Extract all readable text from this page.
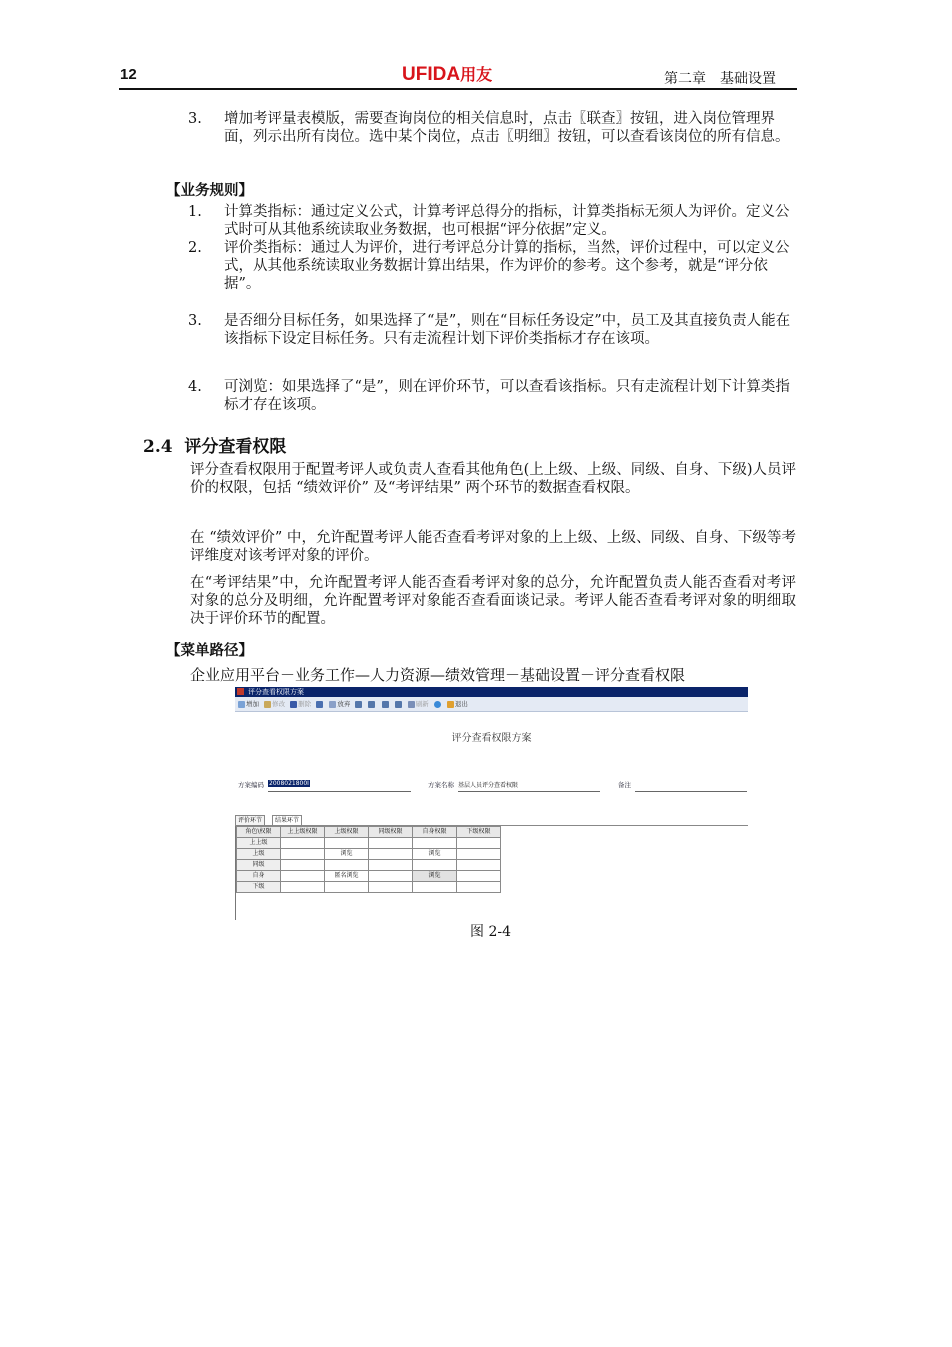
12	UFIDA用友	第二章　基础设置
3. 增加考评量表模版，需要查询岗位的相关信息时，点击〖联查〗按钮，进入岗位管理界面，列示出所有岗位。选中某个岗位，点击〖明细〗按钮，可以查看该岗位的所有信息。
【业务规则】
1. 计算类指标：通过定义公式，计算考评总得分的指标，计算类指标无须人为评价。定义公式时可从其他系统读取业务数据，也可根据“评分依据”定义。
2. 评价类指标：通过人为评价，进行考评总分计算的指标，当然，评价过程中，可以定义公式，从其他系统读取业务数据计算出结果，作为评价的参考。这个参考，就是“评分依据”。
3. 是否细分目标任务，如果选择了“是”，则在“目标任务设定”中，员工及其直接负责人能在该指标下设定目标任务。只有走流程计划下评价类指标才存在该项。
4. 可浏览：如果选择了“是”，则在评价环节，可以查看该指标。只有走流程计划下计算类指标才存在该项。
2.4 评分查看权限
评分查看权限用于配置考评人或负责人查看其他角色(上上级、上级、同级、自身、下级)人员评价的权限，包括 “绩效评价” 及“考评结果” 两个环节的数据查看权限。
在 “绩效评价” 中，允许配置考评人能否查看考评对象的上上级、上级、同级、自身、下级等考评维度对该考评对象的评价。
在“考评结果”中，允许配置考评人能否查看考评对象的总分，允许配置负责人能否查看对考评对象的总分及明细，允许配置考评对象能否查看面谈记录。考评人能否查看考评对象的明细取决于评价环节的配置。
【菜单路径】
企业应用平台－业务工作—人力资源—绩效管理－基础设置－评分查看权限
评分查看权限方案
增加 修改 删除	放弃	刷新	退出
评分查看权限方案
方案编码 2008021800I	方案名称 基层人员评分查看权限	备注
评价环节	结果环节
角色\权限	上上级权限	上级权限	同级权限	自身权限	下级权限
上上级					
上级		浏览		浏览	
同级					
自身		匿名浏览		浏览	
下级					
图 2-4
